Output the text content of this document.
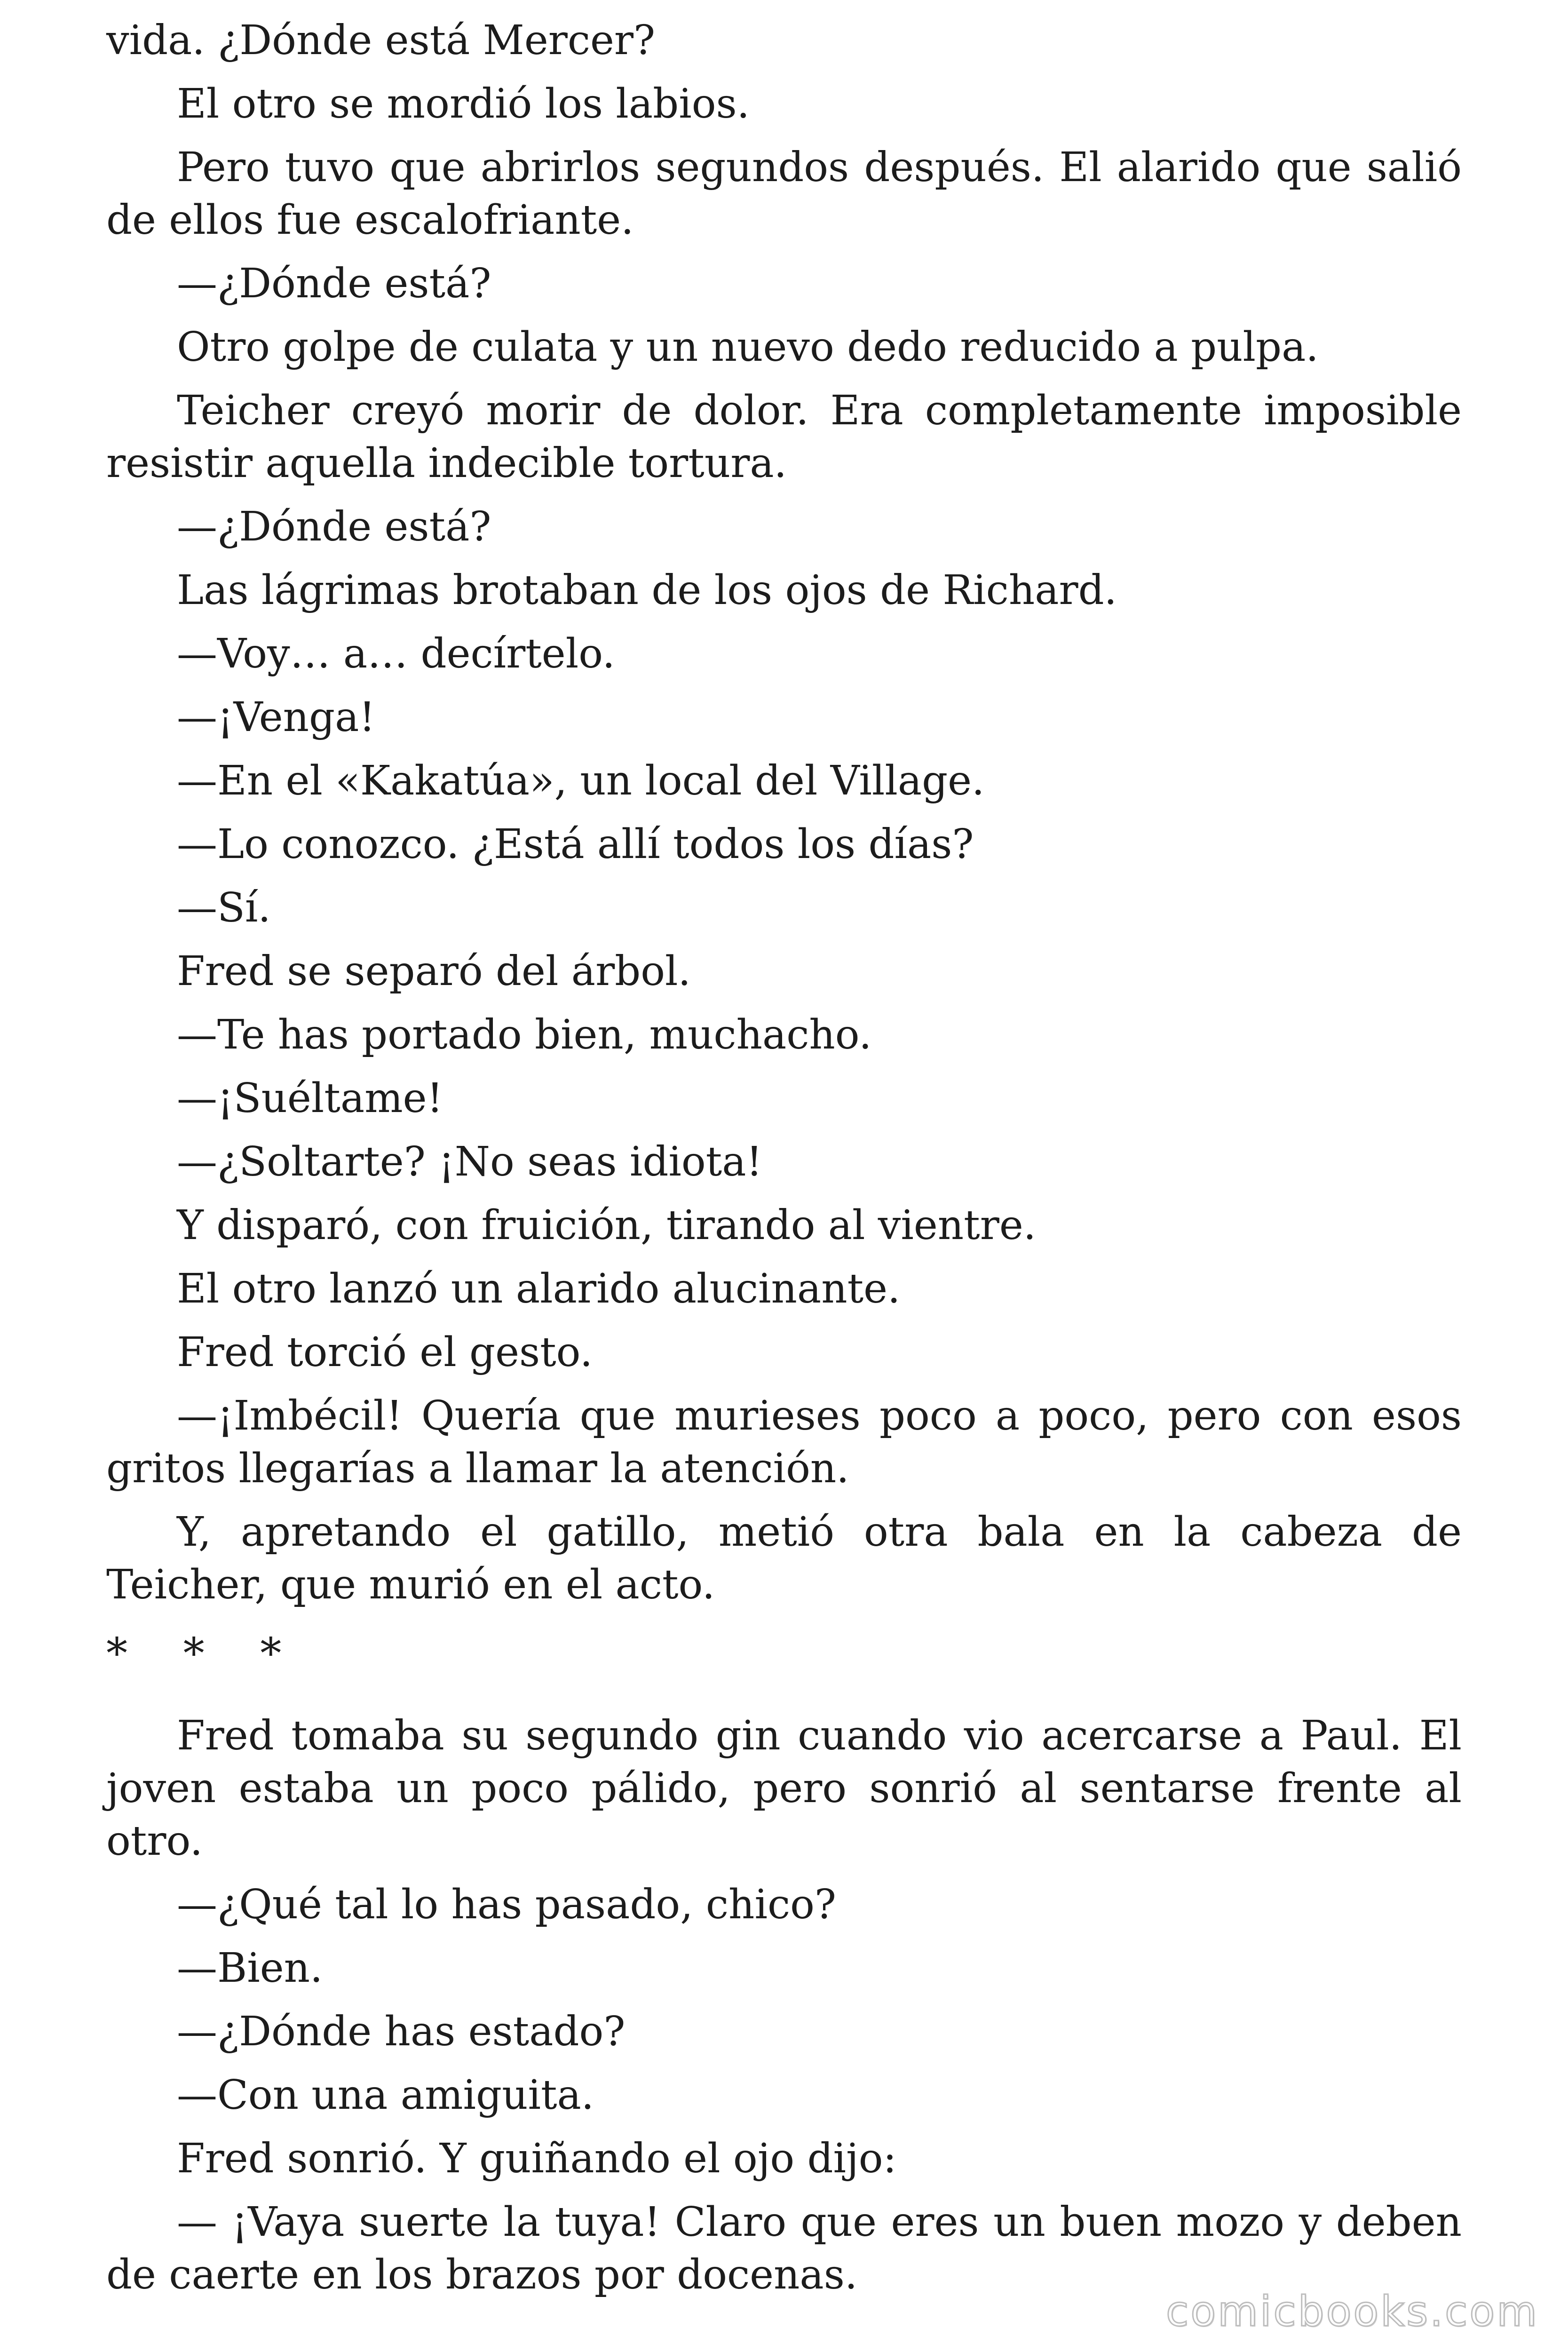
vida. ¿Dónde está Mercer?

El otro se mordió los labios.

Pero tuvo que abrirlos segundos después. El alarido que salió de ellos fue escalofriante.

—¿Dónde está?

Otro golpe de culata y un nuevo dedo reducido a pulpa.

Teicher creyó morir de dolor. Era completamente imposible resistir aquella indecible tortura.

—¿Dónde está?

Las lágrimas brotaban de los ojos de Richard.

—Voy… a… decírtelo.

—¡Venga!

—En el «Kakatúa», un local del Village.

—Lo conozco. ¿Está allí todos los días?

—Sí.

Fred se separó del árbol.

—Te has portado bien, muchacho.

—¡Suéltame!

—¿Soltarte? ¡No seas idiota!

Y disparó, con fruición, tirando al vientre.

El otro lanzó un alarido alucinante.

Fred torció el gesto.

—¡Imbécil! Quería que murieses poco a poco, pero con esos gritos llegarías a llamar la atención.

Y, apretando el gatillo, metió otra bala en la cabeza de Teicher, que murió en el acto.

* * *

Fred tomaba su segundo gin cuando vio acercarse a Paul. El joven estaba un poco pálido, pero sonrió al sentarse frente al otro.

—¿Qué tal lo has pasado, chico?

—Bien.

—¿Dónde has estado?

—Con una amiguita.

Fred sonrió. Y guiñando el ojo dijo:

— ¡Vaya suerte la tuya! Claro que eres un buen mozo y deben de caerte en los brazos por docenas.

comicbooks.com
